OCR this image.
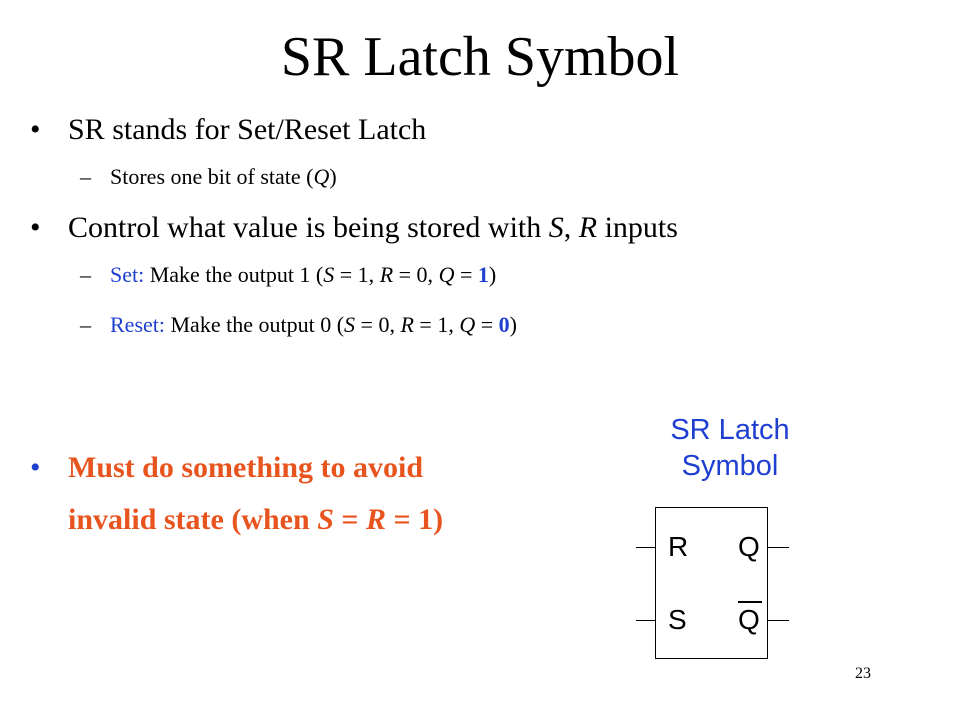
SR Latch Symbol
• SR stands for Set/Reset Latch
– Stores one bit of state (Q)
• Control what value is being stored with S, R inputs
– Set: Make the output 1 (S = 1, R = 0, Q = 1)
– Reset: Make the output 0 (S = 0, R = 1, Q = 0)
• Must do something to avoid
invalid state (when S = R = 1)
SR Latch
Symbol
R
S
Q
Q
23
